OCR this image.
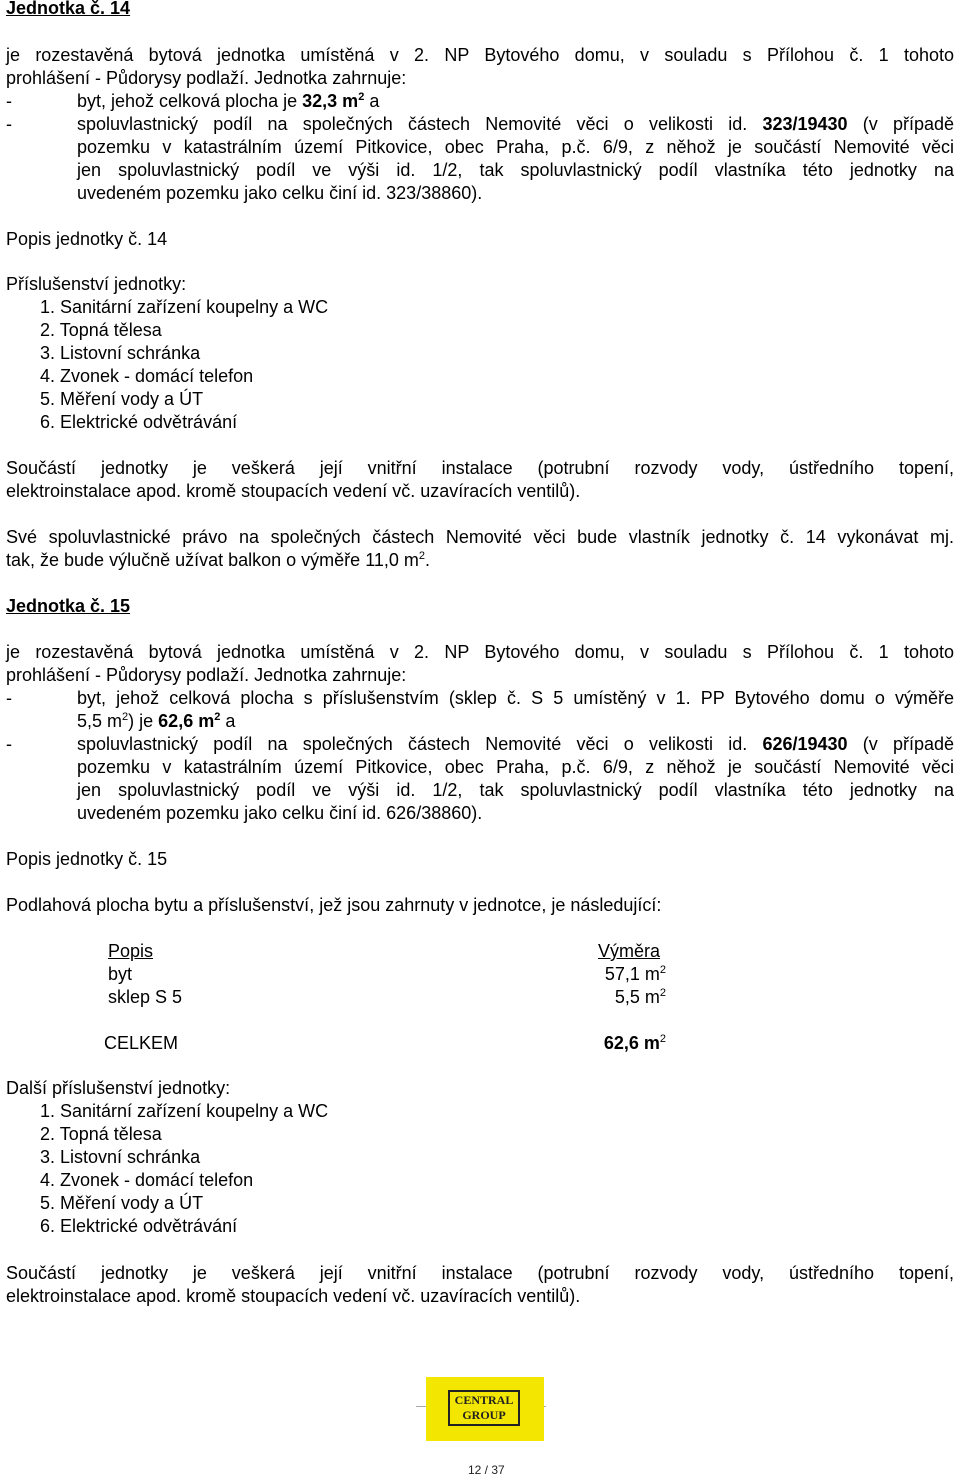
Jednotka č. 14
je rozestavěná bytová jednotka umístěná v 2. NP Bytového domu, v souladu s Přílohou č. 1 tohoto
prohlášení - Půdorysy podlaží. Jednotka zahrnuje:
-	byt, jehož celková plocha je 32,3 $m^2$ a
-	spoluvlastnický podíl na společných částech Nemovité věci o velikosti id. 323/19430 (v případě
pozemku v katastrálním území Pitkovice, obec Praha, p.č. 6/9, z něhož je součástí Nemovité věci
jen spoluvlastnický podíl ve výši id. 1/2, tak spoluvlastnický podíl vlastníka této jednotky na
uvedeném pozemku jako celku činí id. 323/38860).
Popis jednotky č. 14
Příslušenství jednotky:
1. Sanitární zařízení koupelny a WC
2. Topná tělesa
3. Listovní schránka
4. Zvonek - domácí telefon
5. Měření vody a ÚT
6. Elektrické odvětrávání
Součástí jednotky je veškerá její vnitřní instalace (potrubní rozvody vody, ústředního topení,
elektroinstalace apod. kromě stoupacích vedení vč. uzavíracích ventilů).
Své spoluvlastnické právo na společných částech Nemovité věci bude vlastník jednotky č. 14 vykonávat mj.
tak, že bude výlučně užívat balkon o výměře 11,0 $m^2$.
Jednotka č. 15
je rozestavěná bytová jednotka umístěná v 2. NP Bytového domu, v souladu s Přílohou č. 1 tohoto
prohlášení - Půdorysy podlaží. Jednotka zahrnuje:
-	byt, jehož celková plocha s příslušenstvím (sklep č. S 5 umístěný v 1. PP Bytového domu o výměře
5,5 $m^2$) je 62,6 $m^2$ a
-	spoluvlastnický podíl na společných částech Nemovité věci o velikosti id. 626/19430 (v případě
pozemku v katastrálním území Pitkovice, obec Praha, p.č. 6/9, z něhož je součástí Nemovité věci
jen spoluvlastnický podíl ve výši id. 1/2, tak spoluvlastnický podíl vlastníka této jednotky na
uvedeném pozemku jako celku činí id. 626/38860).
Popis jednotky č. 15
Podlahová plocha bytu a příslušenství, jež jsou zahrnuty v jednotce, je následující:
Popis	Výměra
byt	57,1 $m^2$
sklep S 5	5,5 $m^2$
CELKEM	62,6 $m^2$
Další příslušenství jednotky:
1. Sanitární zařízení koupelny a WC
2. Topná tělesa
3. Listovní schránka
4. Zvonek - domácí telefon
5. Měření vody a ÚT
6. Elektrické odvětrávání
Součástí jednotky je veškerá její vnitřní instalace (potrubní rozvody vody, ústředního topení,
elektroinstalace apod. kromě stoupacích vedení vč. uzavíracích ventilů).
CENTRAL
GROUP
12 / 37
